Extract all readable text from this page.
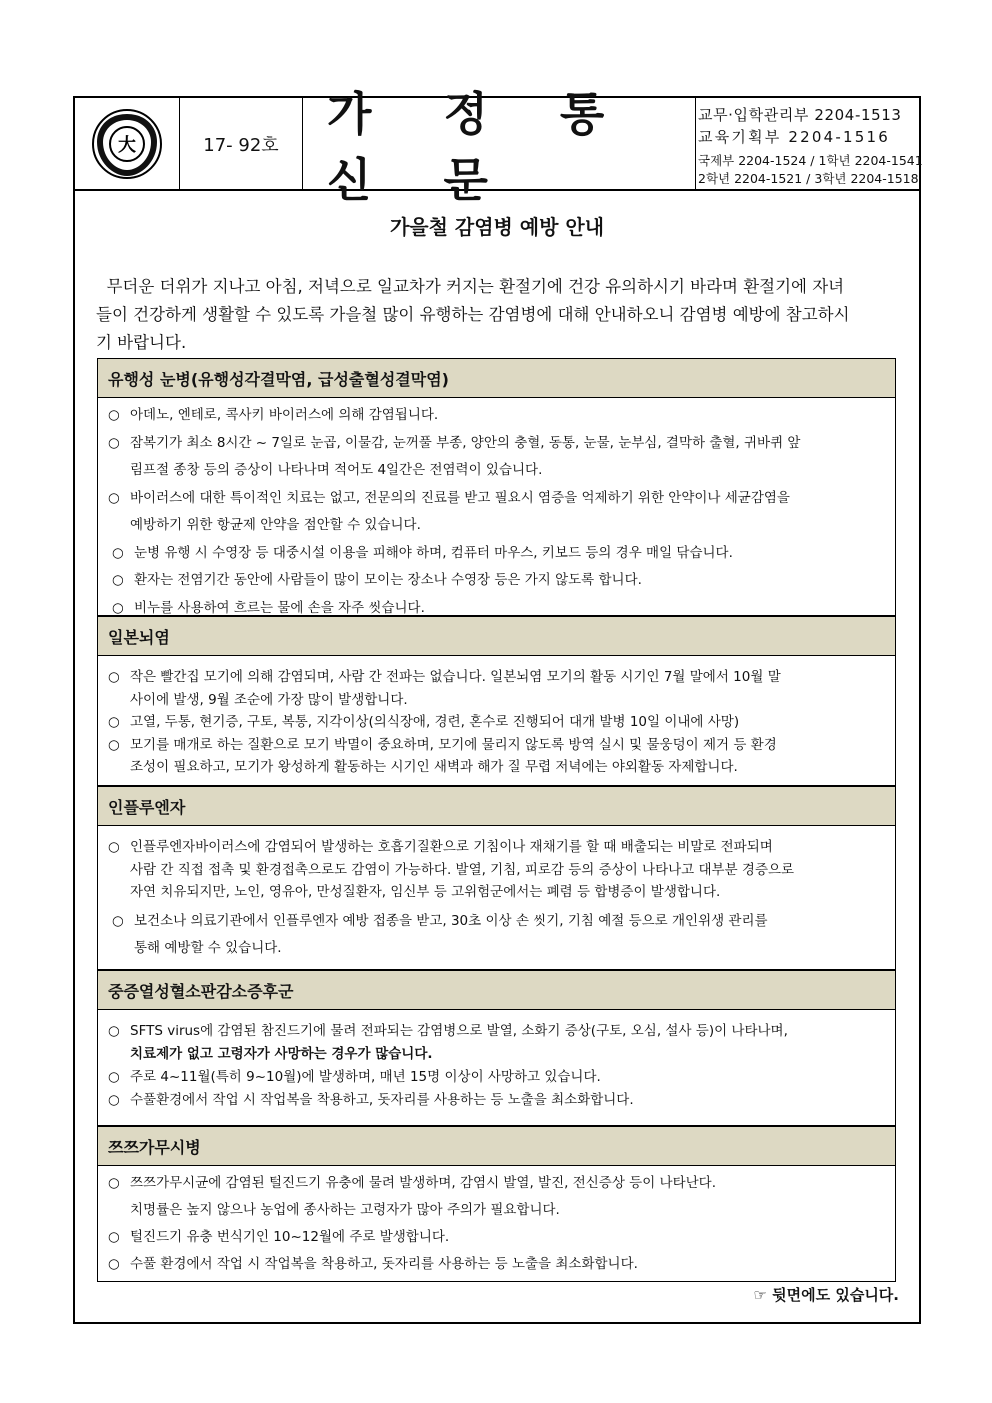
大	17- 92호
가 정 통 신 문
교무·입학관리부 2204-1513
교육기획부 2204-1516
국제부 2204-1524 / 1학년 2204-1541
2학년 2204-1521 / 3학년 2204-1518
가을철 감염병 예방 안내
무더운 더위가 지나고 아침, 저녁으로 일교차가 커지는 환절기에 건강 유의하시기 바라며 환절기에 자녀
들이 건강하게 생활할 수 있도록 가을철 많이 유행하는 감염병에 대해 안내하오니 감염병 예방에 참고하시
기 바랍니다.
유행성 눈병(유행성각결막염, 급성출혈성결막염)
○ 아데노, 엔테로, 콕사키 바이러스에 의해 감염됩니다.
○ 잠복기가 최소 8시간 ~ 7일로 눈곱, 이물감, 눈꺼풀 부종, 양안의 충혈, 동통, 눈물, 눈부심, 결막하 출혈, 귀바퀴 앞
림프절 종창 등의 증상이 나타나며 적어도 4일간은 전염력이 있습니다.
○ 바이러스에 대한 특이적인 치료는 없고, 전문의의 진료를 받고 필요시 염증을 억제하기 위한 안약이나 세균감염을
예방하기 위한 항균제 안약을 점안할 수 있습니다.
○ 눈병 유행 시 수영장 등 대중시설 이용을 피해야 하며, 컴퓨터 마우스, 키보드 등의 경우 매일 닦습니다.
○ 환자는 전염기간 동안에 사람들이 많이 모이는 장소나 수영장 등은 가지 않도록 합니다.
○ 비누를 사용하여 흐르는 물에 손을 자주 씻습니다.
일본뇌염
○ 작은 빨간집 모기에 의해 감염되며, 사람 간 전파는 없습니다. 일본뇌염 모기의 활동 시기인 7월 말에서 10월 말
사이에 발생, 9월 조순에 가장 많이 발생합니다.
○ 고열, 두통, 현기증, 구토, 복통, 지각이상(의식장애, 경련, 혼수로 진행되어 대개 발병 10일 이내에 사망)
○ 모기를 매개로 하는 질환으로 모기 박멸이 중요하며, 모기에 물리지 않도록 방역 실시 및 물웅덩이 제거 등 환경
조성이 필요하고, 모기가 왕성하게 활동하는 시기인 새벽과 해가 질 무렵 저녁에는 야외활동 자제합니다.
인플루엔자
○ 인플루엔자바이러스에 감염되어 발생하는 호흡기질환으로 기침이나 재채기를 할 때 배출되는 비말로 전파되며
사람 간 직접 접촉 및 환경접촉으로도 감염이 가능하다. 발열, 기침, 피로감 등의 증상이 나타나고 대부분 경증으로
자연 치유되지만, 노인, 영유아, 만성질환자, 임신부 등 고위험군에서는 폐렴 등 합병증이 발생합니다.
○ 보건소나 의료기관에서 인플루엔자 예방 접종을 받고, 30초 이상 손 씻기, 기침 예절 등으로 개인위생 관리를
통해 예방할 수 있습니다.
중증열성혈소판감소증후군
○ SFTS virus에 감염된 참진드기에 물려 전파되는 감염병으로 발열, 소화기 증상(구토, 오심, 설사 등)이 나타나며,
치료제가 없고 고령자가 사망하는 경우가 많습니다.
○ 주로 4~11월(특히 9~10월)에 발생하며, 매년 15명 이상이 사망하고 있습니다.
○ 수풀환경에서 작업 시 작업복을 착용하고, 돗자리를 사용하는 등 노출을 최소화합니다.
쯔쯔가무시병
○ 쯔쯔가무시균에 감염된 털진드기 유충에 물려 발생하며, 감염시 발열, 발진, 전신증상 등이 나타난다.
치명률은 높지 않으나 농업에 종사하는 고령자가 많아 주의가 필요합니다.
○ 털진드기 유충 번식기인 10~12월에 주로 발생합니다.
○ 수풀 환경에서 작업 시 작업복을 착용하고, 돗자리를 사용하는 등 노출을 최소화합니다.
☞ 뒷면에도 있습니다.
